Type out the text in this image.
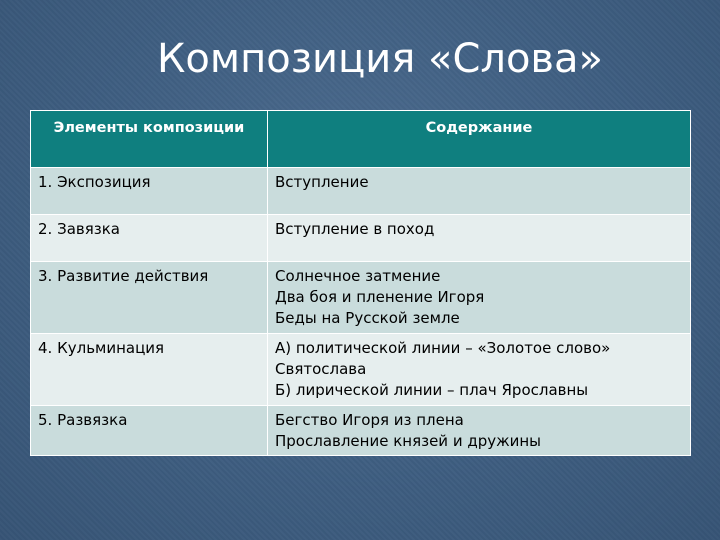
Композиция «Слова»
Элементы композиции	Содержание
1. Экспозиция	Вступление

2. Завязка	Вступление в поход

3. Развитие действия	Солнечное затмение
Два боя и пленение Игоря
Беды на Русской земле

4. Кульминация	А) политической линии – «Золотое слово»
Святослава
Б) лирической линии – плач Ярославны

5. Развязка	Бегство Игоря из плена
Прославление князей и дружины
